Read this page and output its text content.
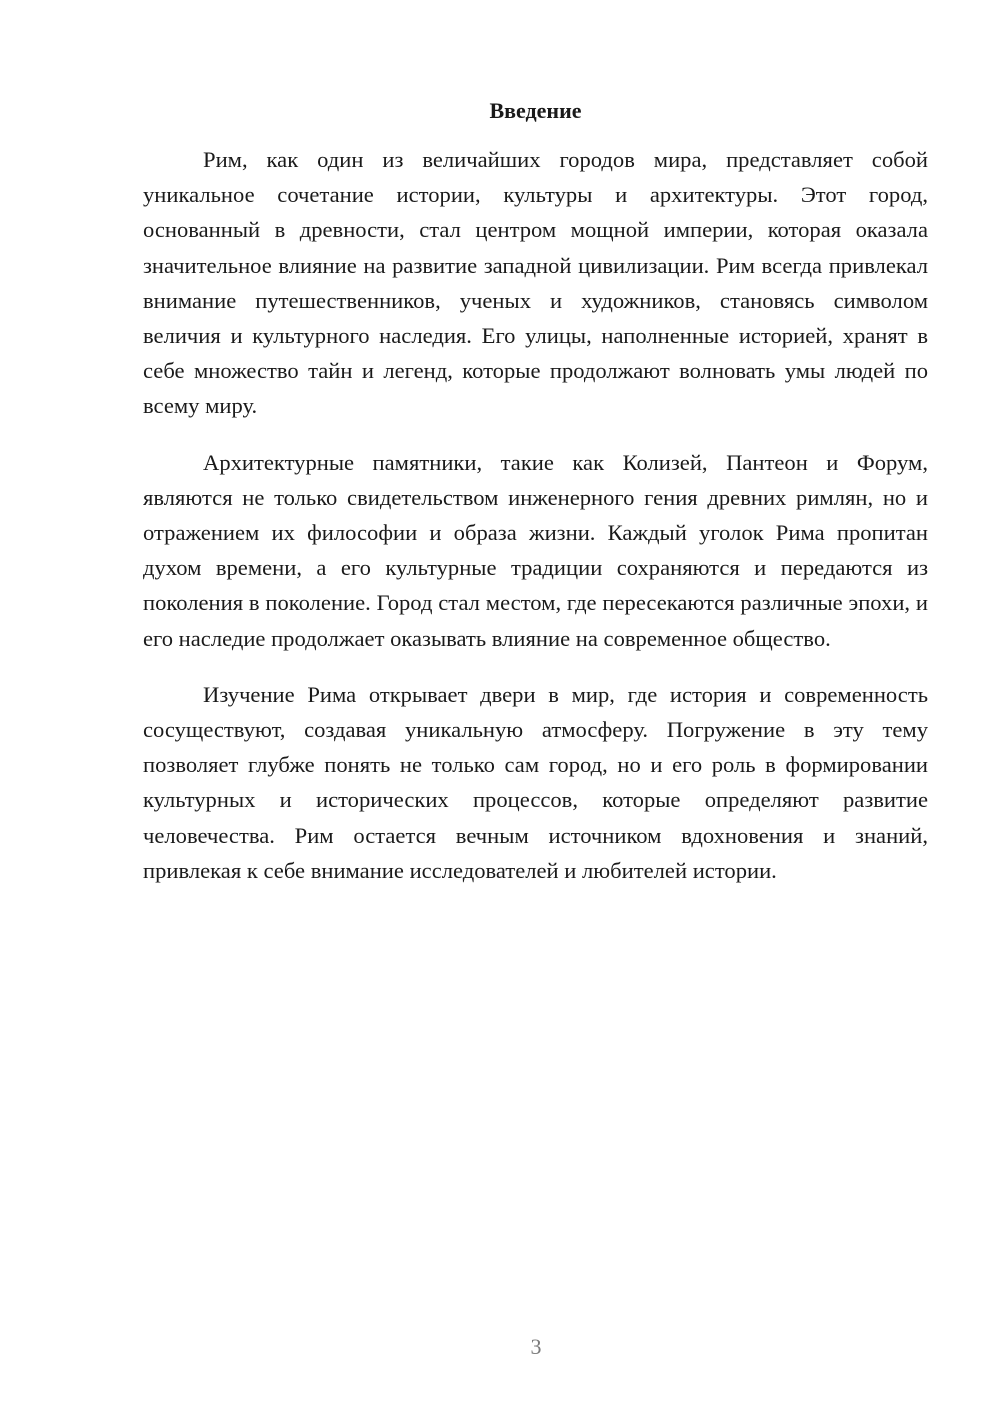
Введение

Рим, как один из величайших городов мира, представляет собой уникальное сочетание истории, культуры и архитектуры. Этот город, основанный в древности, стал центром мощной империи, которая оказала значительное влияние на развитие западной цивилизации. Рим всегда привлекал внимание путешественников, ученых и художников, становясь символом величия и культурного наследия. Его улицы, наполненные историей, хранят в себе множество тайн и легенд, которые продолжают волновать умы людей по всему миру.

Архитектурные памятники, такие как Колизей, Пантеон и Форум, являются не только свидетельством инженерного гения древних римлян, но и отражением их философии и образа жизни. Каждый уголок Рима пропитан духом времени, а его культурные традиции сохраняются и передаются из поколения в поколение. Город стал местом, где пересекаются различные эпохи, и его наследие продолжает оказывать влияние на современное общество.

Изучение Рима открывает двери в мир, где история и современность сосуществуют, создавая уникальную атмосферу. Погружение в эту тему позволяет глубже понять не только сам город, но и его роль в формировании культурных и исторических процессов, которые определяют развитие человечества. Рим остается вечным источником вдохновения и знаний, привлекая к себе внимание исследователей и любителей истории.

3
